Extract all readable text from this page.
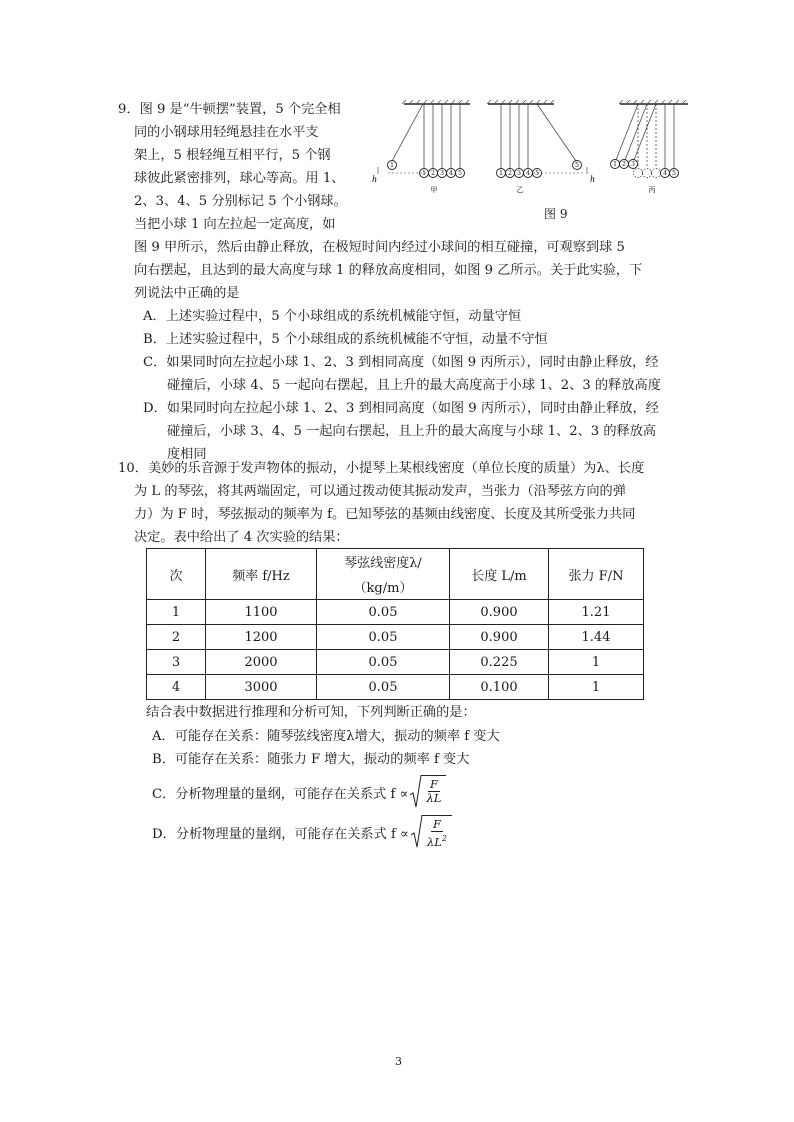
9．图 9 是“牛顿摆”装置，5 个完全相
同的小钢球用轻绳悬挂在水平支
架上，5 根轻绳互相平行，5 个钢
球彼此紧密排列，球心等高。用 1、
2、3、4、5 分别标记 5 个小钢球。
当把小球 1 向左拉起一定高度，如
图 9 甲所示，然后由静止释放，在极短时间内经过小球间的相互碰撞，可观察到球 5
向右摆起，且达到的最大高度与球 1 的释放高度相同，如图 9 乙所示。关于此实验，下
列说法中正确的是
A．上述实验过程中，5 个小球组成的系统机械能守恒，动量守恒
B．上述实验过程中，5 个小球组成的系统机械能不守恒，动量不守恒
C．如果同时向左拉起小球 1、2、3 到相同高度（如图 9 丙所示），同时由静止释放，经
碰撞后，小球 4、5 一起向右摆起，且上升的最大高度高于小球 1、2、3 的释放高度
D．如果同时向左拉起小球 1、2、3 到相同高度（如图 9 丙所示），同时由静止释放，经
碰撞后，小球 3、4、5 一起向右摆起，且上升的最大高度与小球 1、2、3 的释放高
度相同
1
1 2 3 4 5
h
甲
1 2 3 4 5
5
h
乙
1 2 3
4 5
丙
图 9
10．美妙的乐音源于发声物体的振动，小提琴上某根线密度（单位长度的质量）为λ、长度
为 L 的琴弦，将其两端固定，可以通过拨动使其振动发声，当张力（沿琴弦方向的弹
力）为 F 时，琴弦振动的频率为 f。已知琴弦的基频由线密度、长度及其所受张力共同
决定。表中给出了 4 次实验的结果：
次	频率 f/Hz	琴弦线密度λ/
（kg/m）	长度 L/m	张力 F/N
1	1100	0.05	0.900	1.21
2	1200	0.05	0.900	1.44
3	2000	0.05	0.225	1
4	3000	0.05	0.100	1
结合表中数据进行推理和分析可知，下列判断正确的是：
A．可能存在关系：随琴弦线密度λ增大，振动的频率 f 变大
B．可能存在关系：随张力 F 增大，振动的频率 f 变大
C．分析物理量的量纲，可能存在关系式 $f \propto \frac{F}{\lambda L}$
D．分析物理量的量纲，可能存在关系式 $f \propto \frac{F}{\lambda L^2}$
3
